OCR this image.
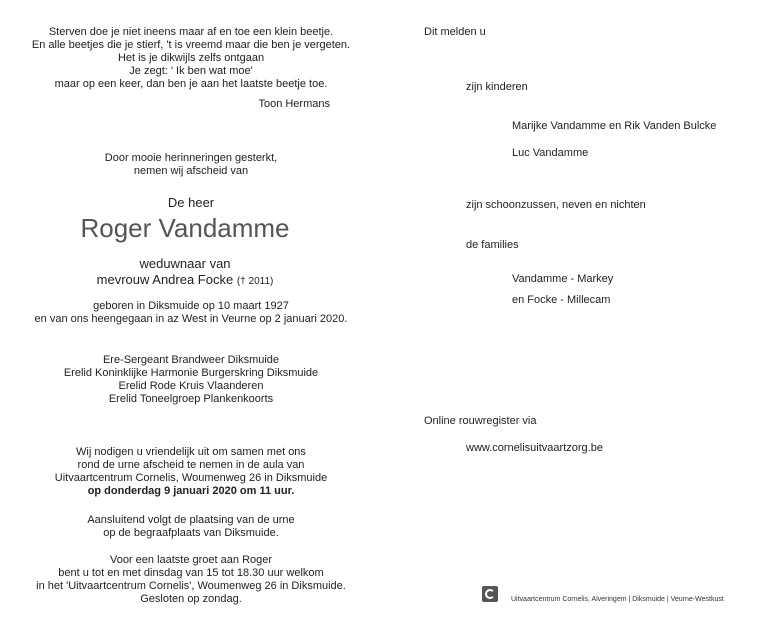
Sterven doe je niet ineens maar af en toe een klein beetje.

En alle beetjes die je stierf, 't is vreemd maar die ben je vergeten.

Het is je dikwijls zelfs ontgaan

Je zegt: ' Ik ben wat moe'

maar op een keer, dan ben je aan het laatste beetje toe.

Toon Hermans

Door mooie herinneringen gesterkt,

nemen wij afscheid van

De heer
Roger Vandamme
weduwnaar van
mevrouw Andrea Focke († 2011)

geboren in Diksmuide op 10 maart 1927

en van ons heengegaan in az West in Veurne op 2 januari 2020.

Ere-Sergeant Brandweer Diksmuide

Erelid Koninklijke Harmonie Burgerskring Diksmuide

Erelid Rode Kruis Vlaanderen

Erelid Toneelgroep Plankenkoorts

Wij nodigen u vriendelijk uit om samen met ons

rond de urne afscheid te nemen in de aula van

Uitvaartcentrum Cornelis, Woumenweg 26 in Diksmuide

op donderdag 9 januari 2020 om 11 uur.

Aansluitend volgt de plaatsing van de urne

op de begraafplaats van Diksmuide.

Voor een laatste groet aan Roger

bent u tot en met dinsdag van 15 tot 18.30 uur welkom

in het 'Uitvaartcentrum Cornelis', Woumenweg 26 in Diksmuide.

Gesloten op zondag.

Dit melden u
zijn kinderen
Marijke Vandamme en Rik Vanden Bulcke
Luc Vandamme
zijn schoonzussen, neven en nichten
de families
Vandamme - Markey
en Focke - Millecam
Online rouwregister via
www.cornelisuitvaartzorg.be
Uitvaartcentrum Cornelis, Alveringem | Diksmuide | Veurne-Westkust
